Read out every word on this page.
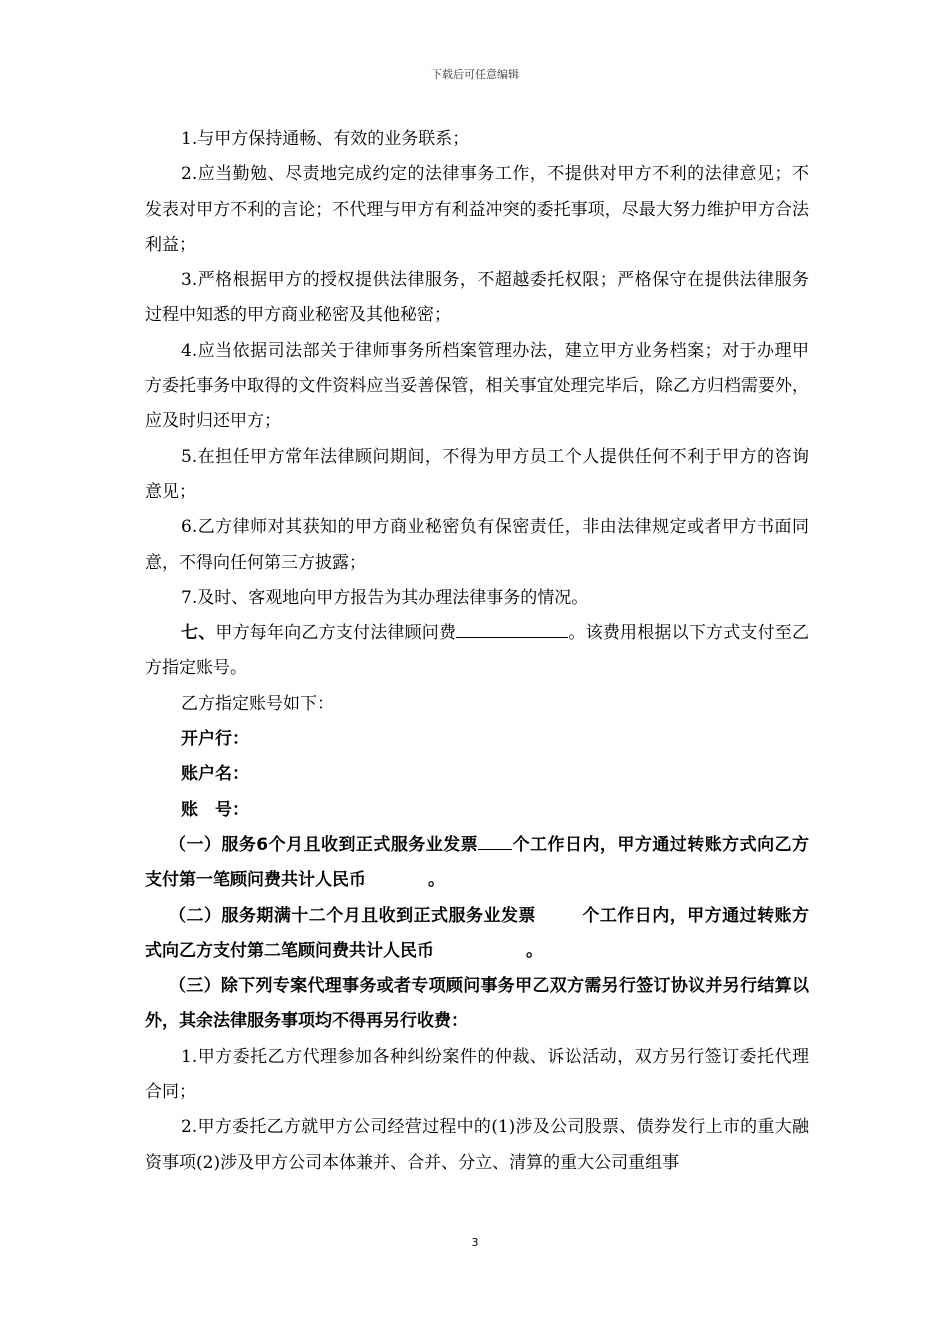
下载后可任意编辑

1.与甲方保持通畅、有效的业务联系；

2.应当勤勉、尽责地完成约定的法律事务工作，不提供对甲方不利的法律意见；不发表对甲方不利的言论；不代理与甲方有利益冲突的委托事项，尽最大努力维护甲方合法利益；

3.严格根据甲方的授权提供法律服务，不超越委托权限；严格保守在提供法律服务过程中知悉的甲方商业秘密及其他秘密；

4.应当依据司法部关于律师事务所档案管理办法，建立甲方业务档案；对于办理甲方委托事务中取得的文件资料应当妥善保管，相关事宜处理完毕后，除乙方归档需要外，应及时归还甲方；

5.在担任甲方常年法律顾问期间，不得为甲方员工个人提供任何不利于甲方的咨询意见；

6.乙方律师对其获知的甲方商业秘密负有保密责任，非由法律规定或者甲方书面同意，不得向任何第三方披露；

7.及时、客观地向甲方报告为其办理法律事务的情况。

七、甲方每年向乙方支付法律顾问费	。该费用根据以下方式支付至乙方指定账号。

乙方指定账号如下：

开户行：

账户名：

账　号：

（一）服务6个月且收到正式服务业发票 个工作日内，甲方通过转账方式向乙方支付第一笔顾问费共计人民币	。

（二）服务期满十二个月且收到正式服务业发票	个工作日内，甲方通过转账方式向乙方支付第二笔顾问费共计人民币	。

（三）除下列专案代理事务或者专项顾问事务甲乙双方需另行签订协议并另行结算以外，其余法律服务事项均不得再另行收费：

1.甲方委托乙方代理参加各种纠纷案件的仲裁、诉讼活动，双方另行签订委托代理合同；

2.甲方委托乙方就甲方公司经营过程中的(1)涉及公司股票、债券发行上市的重大融资事项(2)涉及甲方公司本体兼并、合并、分立、清算的重大公司重组事

3
